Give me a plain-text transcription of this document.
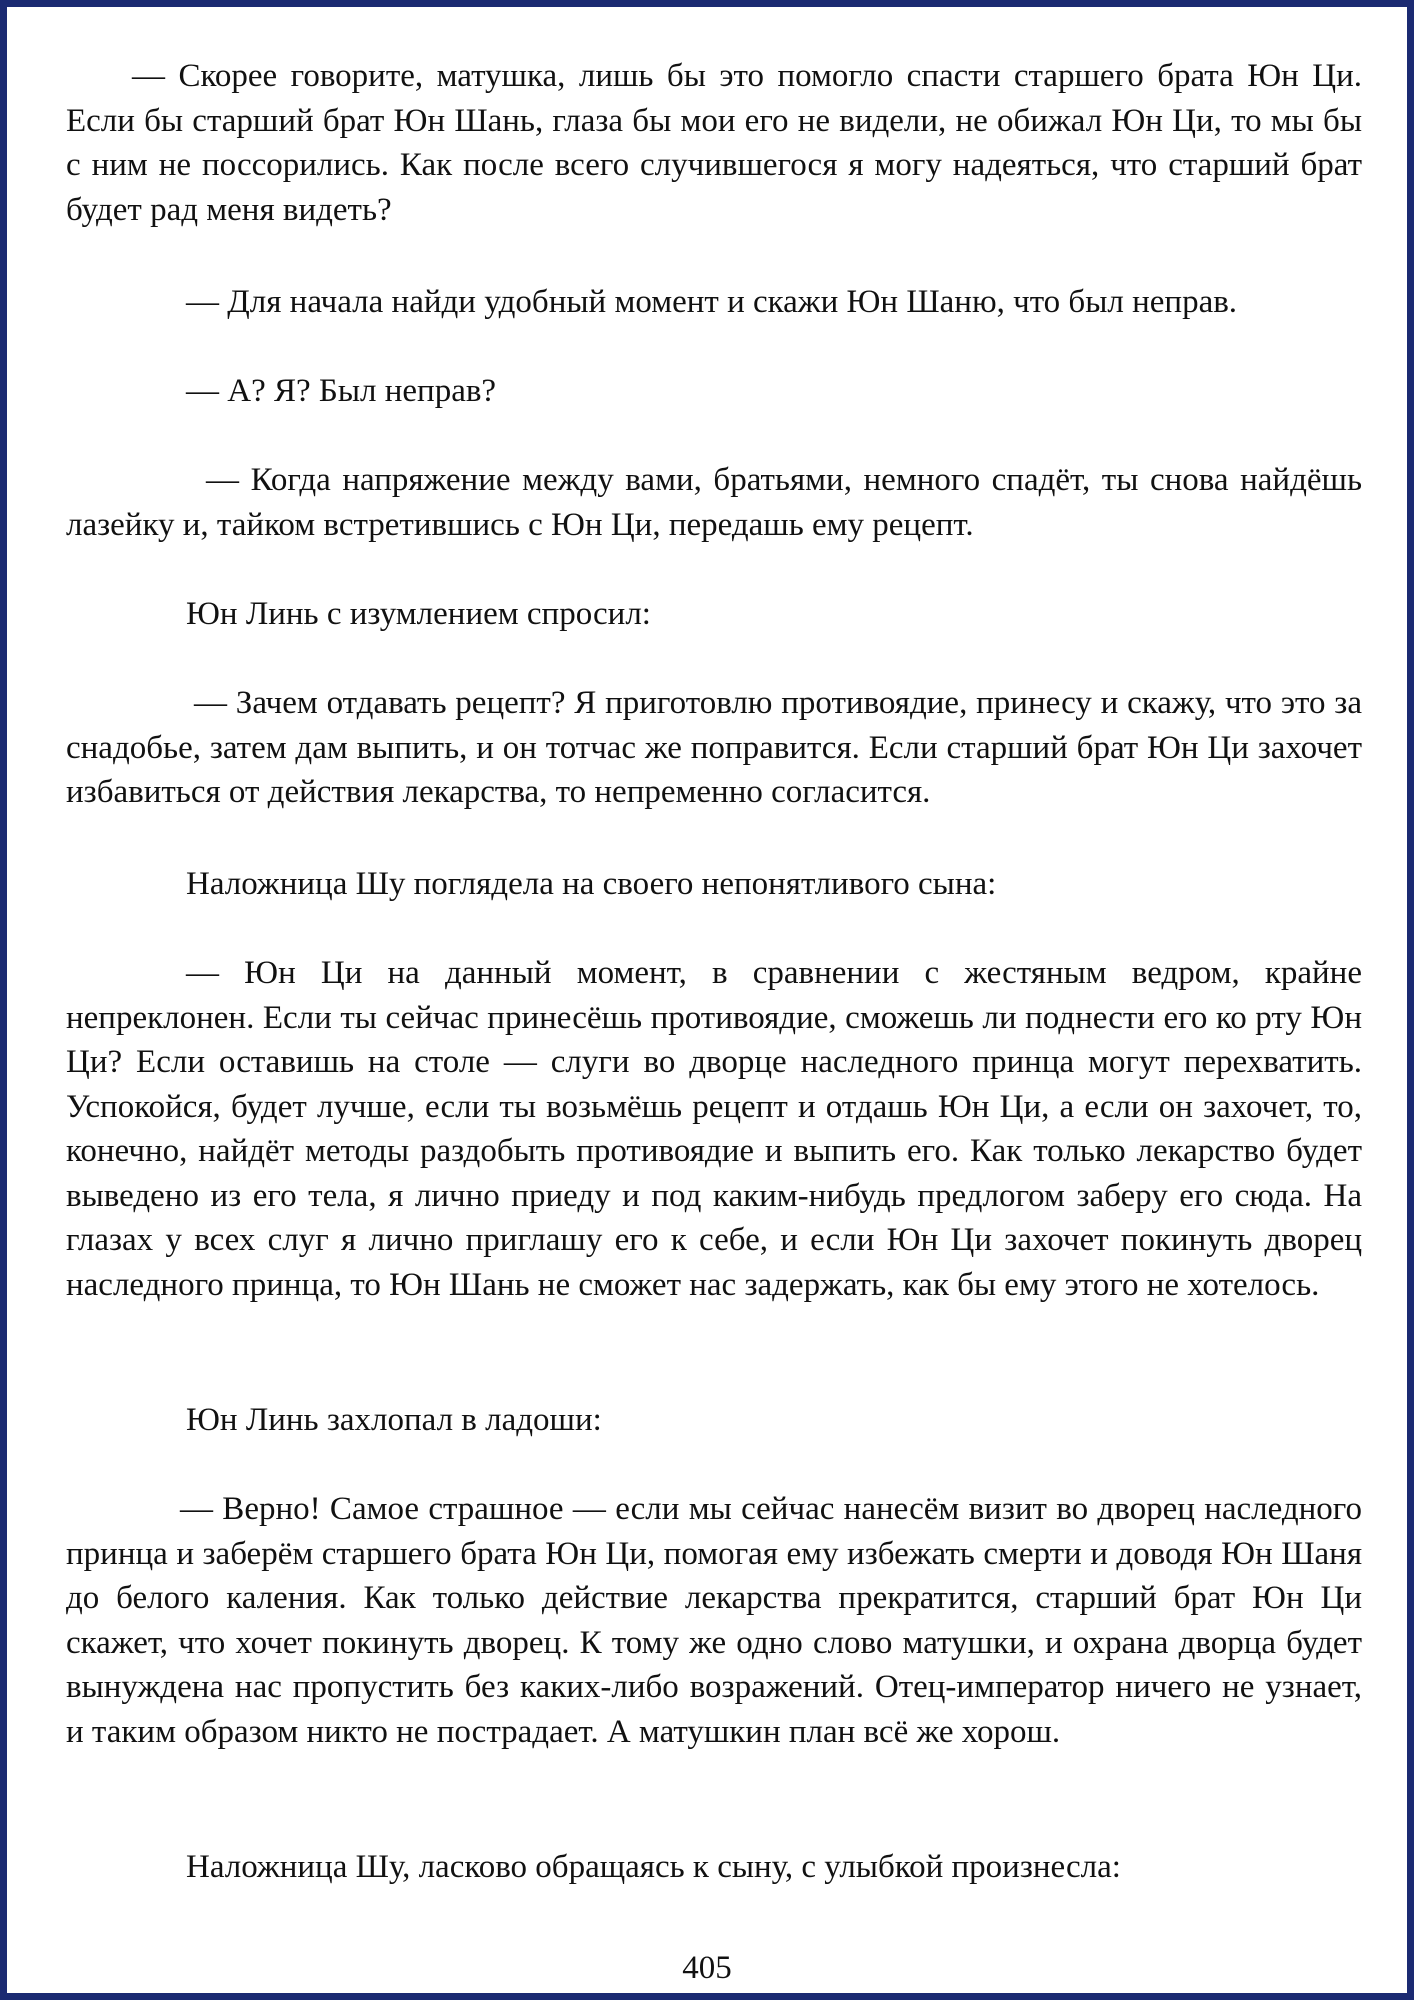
— Скорее говорите, матушка, лишь бы это помогло спасти старшего брата Юн Ци. Если бы старший брат Юн Шань, глаза бы мои его не видели, не обижал Юн Ци, то мы бы с ним не поссорились. Как после всего случившегося я могу надеяться, что старший брат будет рад меня видеть?

— Для начала найди удобный момент и скажи Юн Шаню, что был неправ.

— А? Я? Был неправ?

— Когда напряжение между вами, братьями, немного спадёт, ты снова найдёшь лазейку и, тайком встретившись с Юн Ци, передашь ему рецепт.

Юн Линь с изумлением спросил:

— Зачем отдавать рецепт? Я приготовлю противоядие, принесу и скажу, что это за снадобье, затем дам выпить, и он тотчас же поправится. Если старший брат Юн Ци захочет избавиться от действия лекарства, то непременно согласится.

Наложница Шу поглядела на своего непонятливого сына:

— Юн Ци на данный момент, в сравнении с жестяным ведром, крайне непреклонен. Если ты сейчас принесёшь противоядие, сможешь ли поднести его ко рту Юн Ци? Если оставишь на столе — слуги во дворце наследного принца могут перехватить. Успокойся, будет лучше, если ты возьмёшь рецепт и отдашь Юн Ци, а если он захочет, то, конечно, найдёт методы раздобыть противоядие и выпить его. Как только лекарство будет выведено из его тела, я лично приеду и под каким-нибудь предлогом заберу его сюда. На глазах у всех слуг я лично приглашу его к себе, и если Юн Ци захочет покинуть дворец наследного принца, то Юн Шань не сможет нас задержать, как бы ему этого не хотелось.

Юн Линь захлопал в ладоши:

— Верно! Самое страшное — если мы сейчас нанесём визит во дворец наследного принца и заберём старшего брата Юн Ци, помогая ему избежать смерти и доводя Юн Шаня до белого каления. Как только действие лекарства прекратится, старший брат Юн Ци скажет, что хочет покинуть дворец. К тому же одно слово матушки, и охрана дворца будет вынуждена нас пропустить без каких-либо возражений. Отец-император ничего не узнает, и таким образом никто не пострадает. А матушкин план всё же хорош.

Наложница Шу, ласково обращаясь к сыну, с улыбкой произнесла:

405
